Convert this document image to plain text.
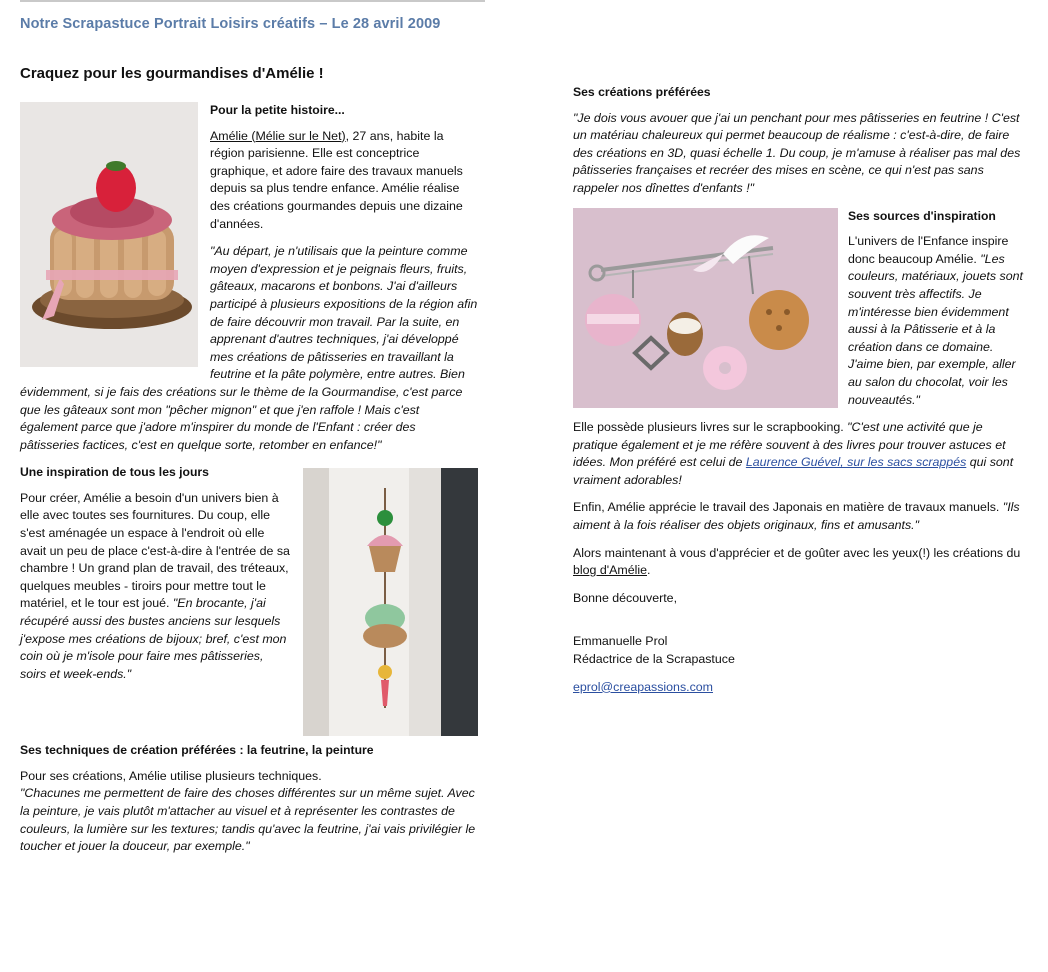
Notre Scrapastuce Portrait Loisirs créatifs – Le 28 avril 2009
Craquez pour les gourmandises d'Amélie !

Pour la petite histoire...

Amélie (Mélie sur le Net), 27 ans, habite la région parisienne. Elle est conceptrice graphique, et adore faire des travaux manuels depuis sa plus tendre enfance. Amélie réalise des créations gourmandes depuis une dizaine d'années.

"Au départ, je n'utilisais que la peinture comme moyen d'expression et je peignais fleurs, fruits, gâteaux, macarons et bonbons. J'ai d'ailleurs participé à plusieurs expositions de la région afin de faire découvrir mon travail. Par la suite, en apprenant d'autres techniques, j'ai développé mes créations de pâtisseries en travaillant la feutrine et la pâte polymère, entre autres. Bien évidemment, si je fais des créations sur le thème de la Gourmandise, c'est parce que les gâteaux sont mon "pêcher mignon" et que j'en raffole ! Mais c'est également parce que j'adore m'inspirer du monde de l'Enfant : créer des pâtisseries factices, c'est en quelque sorte, retomber en enfance!"

Une inspiration de tous les jours

Pour créer, Amélie a besoin d'un univers bien à elle avec toutes ses fournitures. Du coup, elle s'est aménagée un espace à l'endroit où elle avait un peu de place c'est-à-dire à l'entrée de sa chambre ! Un grand plan de travail, des tréteaux, quelques meubles - tiroirs pour mettre tout le matériel, et le tour est joué. "En brocante, j'ai récupéré aussi des bustes anciens sur lesquels j'expose mes créations de bijoux; bref, c'est mon coin où je m'isole pour faire mes pâtisseries, soirs et week-ends."

Ses techniques de création préférées : la feutrine, la peinture

Pour ses créations, Amélie utilise plusieurs techniques.
"Chacunes me permettent de faire des choses différentes sur un même sujet. Avec la peinture, je vais plutôt m'attacher au visuel et à représenter les contrastes de couleurs, la lumière sur les textures; tandis qu'avec la feutrine, j'ai vais privilégier le toucher et jouer la douceur, par exemple."

Ses créations préférées

"Je dois vous avouer que j'ai un penchant pour mes pâtisseries en feutrine ! C'est un matériau chaleureux qui permet beaucoup de réalisme : c'est-à-dire, de faire des créations en 3D, quasi échelle 1. Du coup, je m'amuse à réaliser pas mal des pâtisseries françaises et recréer des mises en scène, ce qui n'est pas sans rappeler nos dînettes d'enfants !"

Ses sources d'inspiration

L'univers de l'Enfance inspire donc beaucoup Amélie. "Les couleurs, matériaux, jouets sont souvent très affectifs. Je m'intéresse bien évidemment aussi à la Pâtisserie et à la création dans ce domaine. J'aime bien, par exemple, aller au salon du chocolat, voir les nouveautés."

Elle possède plusieurs livres sur le scrapbooking. "C'est une activité que je pratique également et je me réfère souvent à des livres pour trouver astuces et idées. Mon préféré est celui de Laurence Guével, sur les sacs scrappés qui sont vraiment adorables!

Enfin, Amélie apprécie le travail des Japonais en matière de travaux manuels. "Ils aiment à la fois réaliser des objets originaux, fins et amusants."

Alors maintenant à vous d'apprécier et de goûter avec les yeux(!) les créations du blog d'Amélie.

Bonne découverte,

Emmanuelle Prol
Rédactrice de la Scrapastuce

eprol@creapassions.com
